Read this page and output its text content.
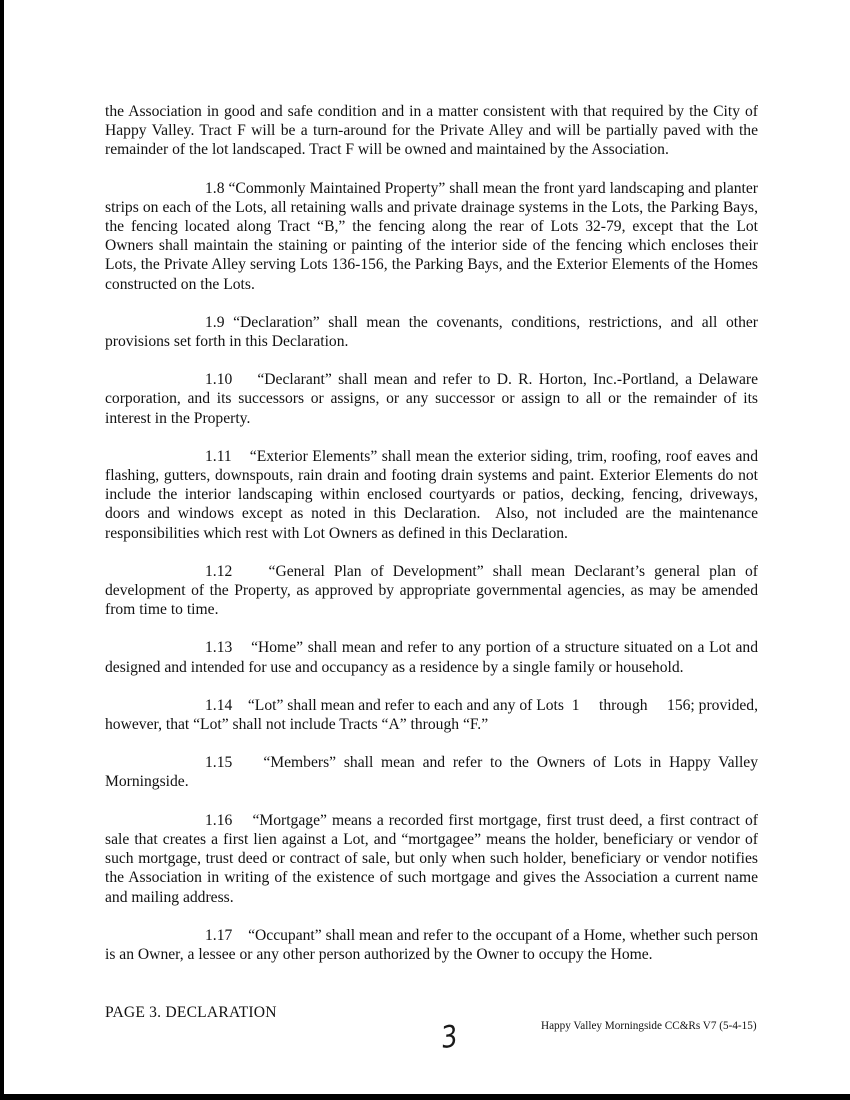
the Association in good and safe condition and in a matter consistent with that required by the City of Happy Valley. Tract F will be a turn-around for the Private Alley and will be partially paved with the remainder of the lot landscaped. Tract F will be owned and maintained by the Association.

1.8 “Commonly Maintained Property” shall mean the front yard landscaping and planter strips on each of the Lots, all retaining walls and private drainage systems in the Lots, the Parking Bays, the fencing located along Tract “B,” the fencing along the rear of Lots 32-79, except that the Lot Owners shall maintain the staining or painting of the interior side of the fencing which encloses their Lots, the Private Alley serving Lots 136-156, the Parking Bays, and the Exterior Elements of the Homes constructed on the Lots.

1.9 “Declaration” shall mean the covenants, conditions, restrictions, and all other provisions set forth in this Declaration.

1.10    “Declarant” shall mean and refer to D. R. Horton, Inc.-Portland, a Delaware corporation, and its successors or assigns, or any successor or assign to all or the remainder of its interest in the Property.

1.11    “Exterior Elements” shall mean the exterior siding, trim, roofing, roof eaves and flashing, gutters, downspouts, rain drain and footing drain systems and paint. Exterior Elements do not include the interior landscaping within enclosed courtyards or patios, decking, fencing, driveways, doors and windows except as noted in this Declaration.  Also, not included are the maintenance responsibilities which rest with Lot Owners as defined in this Declaration.

1.12    “General Plan of Development” shall mean Declarant’s general plan of development of the Property, as approved by appropriate governmental agencies, as may be amended from time to time.

1.13    “Home” shall mean and refer to any portion of a structure situated on a Lot and designed and intended for use and occupancy as a residence by a single family or household.

1.14    “Lot” shall mean and refer to each and any of Lots  1     through     156; provided, however, that “Lot” shall not include Tracts “A” through “F.”

1.15    “Members” shall mean and refer to the Owners of Lots in Happy Valley Morningside.

1.16    “Mortgage” means a recorded first mortgage, first trust deed, a first contract of sale that creates a first lien against a Lot, and “mortgagee” means the holder, beneficiary or vendor of such mortgage, trust deed or contract of sale, but only when such holder, beneficiary or vendor notifies the Association in writing of the existence of such mortgage and gives the Association a current name and mailing address.

1.17    “Occupant” shall mean and refer to the occupant of a Home, whether such person is an Owner, a lessee or any other person authorized by the Owner to occupy the Home.

PAGE 3. DECLARATION
3	Happy Valley Morningside CC&Rs V7 (5-4-15)
